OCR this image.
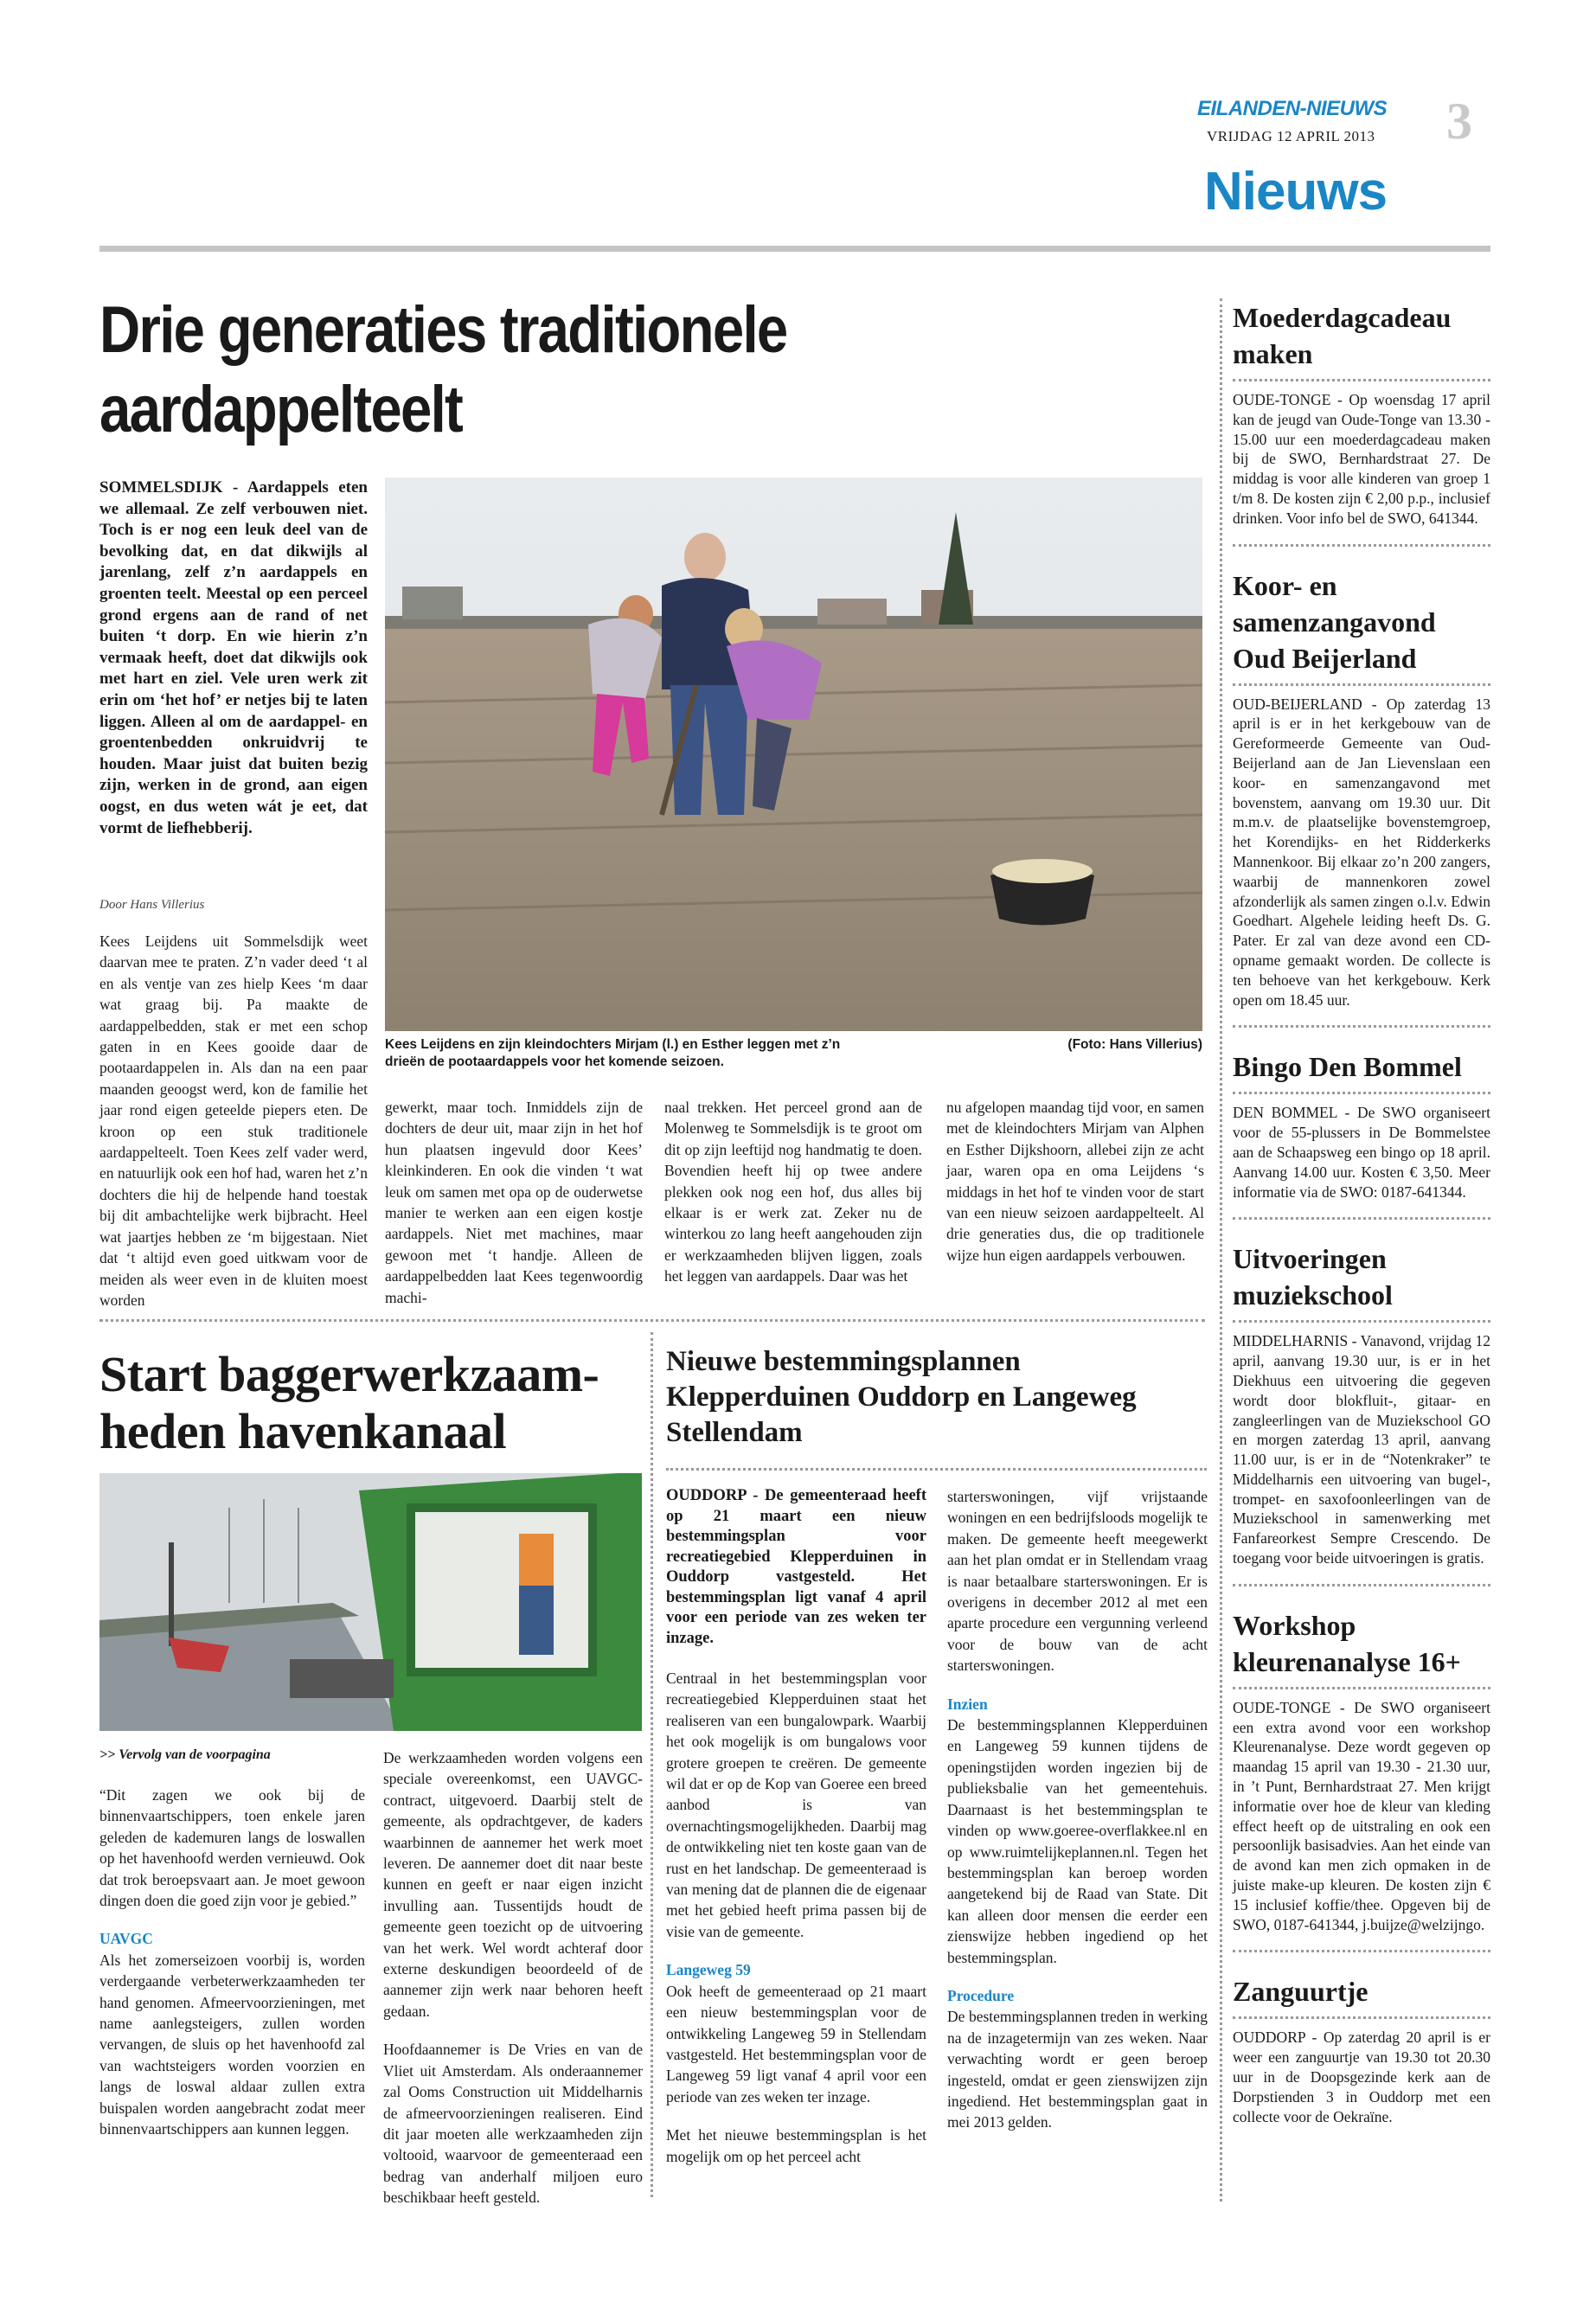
EILANDEN-NIEUWS
VRIJDAG 12 APRIL 2013 3
Nieuws
Drie generaties traditionele
aardappelteelt
SOMMELSDIJK - Aardappels eten we allemaal. Ze zelf verbouwen niet. Toch is er nog een leuk deel van de bevolking dat, en dat dikwijls al jarenlang, zelf z’n aardappels en groenten teelt. Meestal op een perceel grond ergens aan de rand of net buiten ‘t dorp. En wie hierin z’n vermaak heeft, doet dat dikwijls ook met hart en ziel. Vele uren werk zit erin om ‘het hof’ er netjes bij te laten liggen. Alleen al om de aardappel- en groentenbedden onkruidvrij te houden. Maar juist dat buiten bezig zijn, werken in de grond, aan eigen oogst, en dus weten wát je eet, dat vormt de liefhebberij.
Door Hans Villerius
Kees Leijdens uit Sommelsdijk weet daarvan mee te praten. Z’n vader deed ‘t al en als ventje van zes hielp Kees ‘m daar wat graag bij. Pa maakte de aardappelbedden, stak er met een schop gaten in en Kees gooide daar de pootaardappelen in. Als dan na een paar maanden geoogst werd, kon de familie het jaar rond eigen geteelde piepers eten. De kroon op een stuk traditionele aardappelteelt. Toen Kees zelf vader werd, en natuurlijk ook een hof had, waren het z’n dochters die hij de helpende hand toestak bij dit ambachtelijke werk bijbracht. Heel wat jaartjes hebben ze ‘m bijgestaan. Niet dat ‘t altijd even goed uitkwam voor de meiden als weer even in de kluiten moest worden
Kees Leijdens en zijn kleindochters Mirjam (l.) en Esther leggen met z’n drieën de pootaardappels voor het komende seizoen.
(Foto: Hans Villerius)
gewerkt, maar toch. Inmiddels zijn de dochters de deur uit, maar zijn in het hof hun plaatsen ingevuld door Kees’ kleinkinderen. En ook die vinden ‘t wat leuk om samen met opa op de ouderwetse manier te werken aan een eigen kostje aardappels. Niet met machines, maar gewoon met ‘t handje. Alleen de aardappelbedden laat Kees tegenwoordig machi-
naal trekken. Het perceel grond aan de Molenweg te Sommelsdijk is te groot om dit op zijn leeftijd nog handmatig te doen. Bovendien heeft hij op twee andere plekken ook nog een hof, dus alles bij elkaar is er werk zat. Zeker nu de winterkou zo lang heeft aangehouden zijn er werkzaamheden blijven liggen, zoals het leggen van aardappels. Daar was het
nu afgelopen maandag tijd voor, en samen met de kleindochters Mirjam van Alphen en Esther Dijkshoorn, allebei zijn ze acht jaar, waren opa en oma Leijdens ‘s middags in het hof te vinden voor de start van een nieuw seizoen aardappelteelt. Al drie generaties dus, die op traditionele wijze hun eigen aardappels verbouwen.
Start baggerwerkzaam-
heden havenkanaal
>> Vervolg van de voorpagina

“Dit zagen we ook bij de binnenvaartschippers, toen enkele jaren geleden de kademuren langs de loswallen op het havenhoofd werden vernieuwd. Ook dat trok beroepsvaart aan. Je moet gewoon dingen doen die goed zijn voor je gebied.”

UAVGC

Als het zomerseizoen voorbij is, worden verdergaande verbeterwerkzaamheden ter hand genomen. Afmeervoorzieningen, met name aanlegsteigers, zullen worden vervangen, de sluis op het havenhoofd zal van wachtsteigers worden voorzien en langs de loswal aldaar zullen extra buispalen worden aangebracht zodat meer binnenvaartschippers aan kunnen leggen.

De werkzaamheden worden volgens een speciale overeenkomst, een UAVGC-contract, uitgevoerd. Daarbij stelt de gemeente, als opdrachtgever, de kaders waarbinnen de aannemer het werk moet leveren. De aannemer doet dit naar beste kunnen en geeft er naar eigen inzicht invulling aan. Tussentijds houdt de gemeente geen toezicht op de uitvoering van het werk. Wel wordt achteraf door externe deskundigen beoordeeld of de aannemer zijn werk naar behoren heeft gedaan.

Hoofdaannemer is De Vries en van de Vliet uit Amsterdam. Als onderaannemer zal Ooms Construction uit Middelharnis de afmeervoorzieningen realiseren. Eind dit jaar moeten alle werkzaamheden zijn voltooid, waarvoor de gemeenteraad een bedrag van anderhalf miljoen euro beschikbaar heeft gesteld.

Nieuwe bestemmingsplannen
Klepperduinen Ouddorp en Langeweg
Stellendam
OUDDORP - De gemeenteraad heeft op 21 maart een nieuw bestemmingsplan voor recreatiegebied Klepperduinen in Ouddorp vastgesteld. Het bestemmingsplan ligt vanaf 4 april voor een periode van zes weken ter inzage.

Centraal in het bestemmingsplan voor recreatiegebied Klepperduinen staat het realiseren van een bungalowpark. Waarbij het ook mogelijk is om bungalows voor grotere groepen te creëren. De gemeente wil dat er op de Kop van Goeree een breed aanbod is van overnachtingsmogelijkheden. Daarbij mag de ontwikkeling niet ten koste gaan van de rust en het landschap. De gemeenteraad is van mening dat de plannen die de eigenaar met het gebied heeft prima passen bij de visie van de gemeente.

Langeweg 59

Ook heeft de gemeenteraad op 21 maart een nieuw bestemmingsplan voor de ontwikkeling Langeweg 59 in Stellendam vastgesteld. Het bestemmingsplan voor de Langeweg 59 ligt vanaf 4 april voor een periode van zes weken ter inzage.

Met het nieuwe bestemmingsplan is het mogelijk om op het perceel acht

starterswoningen, vijf vrijstaande woningen en een bedrijfsloods mogelijk te maken. De gemeente heeft meegewerkt aan het plan omdat er in Stellendam vraag is naar betaalbare starterswoningen. Er is overigens in december 2012 al met een aparte procedure een vergunning verleend voor de bouw van de acht starterswoningen.

Inzien

De bestemmingsplannen Klepperduinen en Langeweg 59 kunnen tijdens de openingstijden worden ingezien bij de publieksbalie van het gemeentehuis. Daarnaast is het bestemmingsplan te vinden op www.goeree-overflakkee.nl en op www.ruimtelijkeplannen.nl. Tegen het bestemmingsplan kan beroep worden aangetekend bij de Raad van State. Dit kan alleen door mensen die eerder een zienswijze hebben ingediend op het bestemmingsplan.

Procedure

De bestemmingsplannen treden in werking na de inzagetermijn van zes weken. Naar verwachting wordt er geen beroep ingesteld, omdat er geen zienswijzen zijn ingediend. Het bestemmingsplan gaat in mei 2013 gelden.

Moederdagcadeau maken
OUDE-TONGE - Op woensdag 17 april kan de jeugd van Oude-Tonge van 13.30 - 15.00 uur een moederdagcadeau maken bij de SWO, Bernhardstraat 27. De middag is voor alle kinderen van groep 1 t/m 8. De kosten zijn € 2,00 p.p., inclusief drinken. Voor info bel de SWO, 641344.
Koor- en samenzangavond Oud Beijerland
OUD-BEIJERLAND - Op zaterdag 13 april is er in het kerkgebouw van de Gereformeerde Gemeente van Oud-Beijerland aan de Jan Lievenslaan een koor- en samenzangavond met bovenstem, aanvang om 19.30 uur. Dit m.m.v. de plaatselijke bovenstemgroep, het Korendijks- en het Ridderkerks Mannenkoor. Bij elkaar zo’n 200 zangers, waarbij de mannenkoren zowel afzonderlijk als samen zingen o.l.v. Edwin Goedhart. Algehele leiding heeft Ds. G. Pater. Er zal van deze avond een CD-opname gemaakt worden. De collecte is ten behoeve van het kerkgebouw. Kerk open om 18.45 uur.
Bingo Den Bommel
DEN BOMMEL - De SWO organiseert voor de 55-plussers in De Bommelstee aan de Schaapsweg een bingo op 18 april. Aanvang 14.00 uur. Kosten € 3,50. Meer informatie via de SWO: 0187-641344.
Uitvoeringen muziekschool
MIDDELHARNIS - Vanavond, vrijdag 12 april, aanvang 19.30 uur, is er in het Diekhuus een uitvoering die gegeven wordt door blokfluit-, gitaar- en zangleerlingen van de Muziekschool GO en morgen zaterdag 13 april, aanvang 11.00 uur, is er in de “Notenkraker” te Middelharnis een uitvoering van bugel-, trompet- en saxofoonleerlingen van de Muziekschool in samenwerking met Fanfareorkest Sempre Crescendo. De toegang voor beide uitvoeringen is gratis.
Workshop kleurenanalyse 16+
OUDE-TONGE - De SWO organiseert een extra avond voor een workshop Kleurenanalyse. Deze wordt gegeven op maandag 15 april van 19.30 - 21.30 uur, in ’t Punt, Bernhardstraat 27. Men krijgt informatie over hoe de kleur van kleding effect heeft op de uitstraling en ook een persoonlijk basisadvies. Aan het einde van de avond kan men zich opmaken in de juiste make-up kleuren. De kosten zijn € 15 inclusief koffie/thee. Opgeven bij de SWO, 0187-641344, j.buijze@welzijngo.
Zanguurtje
OUDDORP - Op zaterdag 20 april is er weer een zanguurtje van 19.30 tot 20.30 uur in de Doopsgezinde kerk aan de Dorpstienden 3 in Ouddorp met een collecte voor de Oekraïne.
